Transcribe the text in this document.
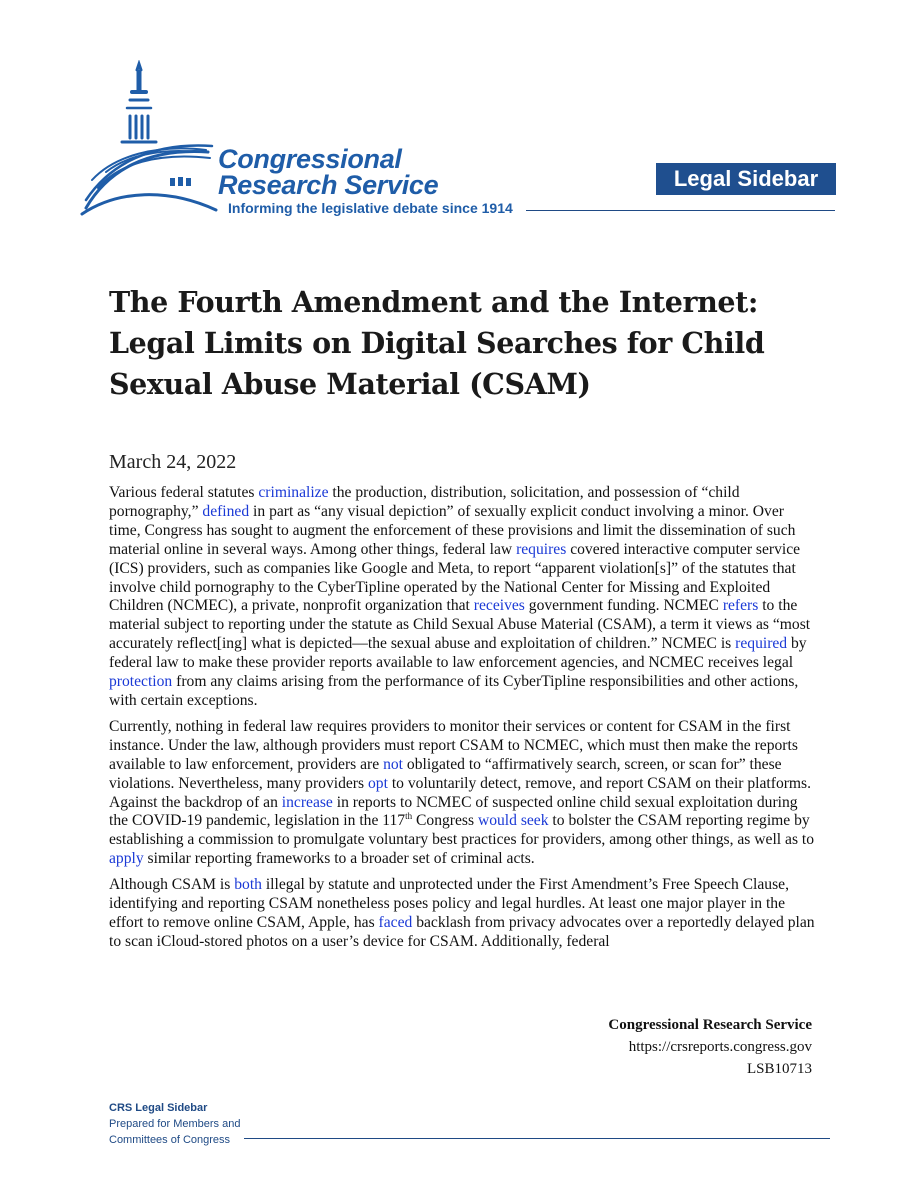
Congressional
Research Service
Informing the legislative debate since 1914
Legal Sidebar
The Fourth Amendment and the Internet: Legal Limits on Digital Searches for Child Sexual Abuse Material (CSAM)
March 24, 2022

Various federal statutes criminalize the production, distribution, solicitation, and possession of “child pornography,” defined in part as “any visual depiction” of sexually explicit conduct involving a minor. Over time, Congress has sought to augment the enforcement of these provisions and limit the dissemination of such material online in several ways. Among other things, federal law requires covered interactive computer service (ICS) providers, such as companies like Google and Meta, to report “apparent violation[s]” of the statutes that involve child pornography to the CyberTipline operated by the National Center for Missing and Exploited Children (NCMEC), a private, nonprofit organization that receives government funding. NCMEC refers to the material subject to reporting under the statute as Child Sexual Abuse Material (CSAM), a term it views as “most accurately reflect[ing] what is depicted—the sexual abuse and exploitation of children.” NCMEC is required by federal law to make these provider reports available to law enforcement agencies, and NCMEC receives legal protection from any claims arising from the performance of its CyberTipline responsibilities and other actions, with certain exceptions.

Currently, nothing in federal law requires providers to monitor their services or content for CSAM in the first instance. Under the law, although providers must report CSAM to NCMEC, which must then make the reports available to law enforcement, providers are not obligated to “affirmatively search, screen, or scan for” these violations. Nevertheless, many providers opt to voluntarily detect, remove, and report CSAM on their platforms. Against the backdrop of an increase in reports to NCMEC of suspected online child sexual exploitation during the COVID-19 pandemic, legislation in the 117th Congress would seek to bolster the CSAM reporting regime by establishing a commission to promulgate voluntary best practices for providers, among other things, as well as to apply similar reporting frameworks to a broader set of criminal acts.

Although CSAM is both illegal by statute and unprotected under the First Amendment’s Free Speech Clause, identifying and reporting CSAM nonetheless poses policy and legal hurdles. At least one major player in the effort to remove online CSAM, Apple, has faced backlash from privacy advocates over a reportedly delayed plan to scan iCloud-stored photos on a user’s device for CSAM. Additionally, federal

Congressional Research Service
https://crsreports.congress.gov
LSB10713
CRS Legal Sidebar
Prepared for Members and
Committees of Congress
